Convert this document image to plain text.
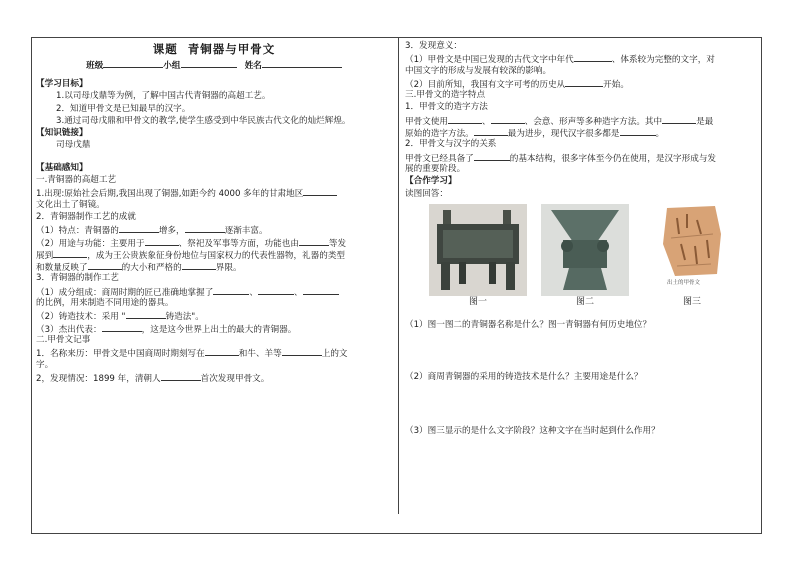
课题 青铜器与甲骨文
班级	小组	姓名
【学习目标】
1.以司母戊鼎等为例，了解中国古代青铜器的高超工艺。
2．知道甲骨文是已知最早的汉字。
3.通过司母戊鼎和甲骨文的教学,使学生感受到中华民族古代文化的灿烂辉煌。
【知识链接】
司母戊鼎
【基础感知】
一.青铜器的高超工艺
1.出现:原始社会后期,我国出现了铜器,如距今约 4000 多年的甘肃地区
文化出土了铜镜。
2．青铜器制作工艺的成就
（1）特点：青铜器的	增多，	逐渐丰富。
（2）用途与功能：主要用于	、祭祀及军事等方面，功能也由	等发
展到	，成为王公贵族象征身份地位与国家权力的代表性器物，礼器的类型
和数量反映了	的大小和严格的	界限。
3．青铜器的制作工艺
（1）成分组成：商周时期的匠已准确地掌握了	、	、
的比例，用来制造不同用途的器具。
（2）铸造技术：采用 "	铸造法"。
（3）杰出代表：	，这是这今世界上出土的最大的青铜器。
二.甲骨文记事
1．名称来历：甲骨文是中国商周时期刻写在	和牛、羊等	上的文
字。
2，发现情况：1899 年，清朝人	首次发现甲骨文。
3．发现意义：
（1）甲骨文是中国已发现的古代文字中年代	、体系较为完整的文字，对
中国文字的形成与发展有较深的影响。
（2）目前所知，我国有文字可考的历史从	开始。
三.甲骨文的造字特点
1．甲骨文的造字方法
甲骨文使用	、	、会意、形声等多种造字方法。其中	是最
原始的造字方法。	最为进步，现代汉字很多都是	。
2．甲骨文与汉字的关系
甲骨文已经具备了	的基本结构，很多字体至今仍在使用，是汉字形成与发
展的重要阶段。
【合作学习】
读图回答：
出土的甲骨文
图一	图二	图三
（1）图一图二的青铜器名称是什么？图一青铜器有何历史地位？
（2）商周青铜器的采用的铸造技术是什么？主要用途是什么？
（3）图三显示的是什么文字阶段？这种文字在当时起到什么作用？
